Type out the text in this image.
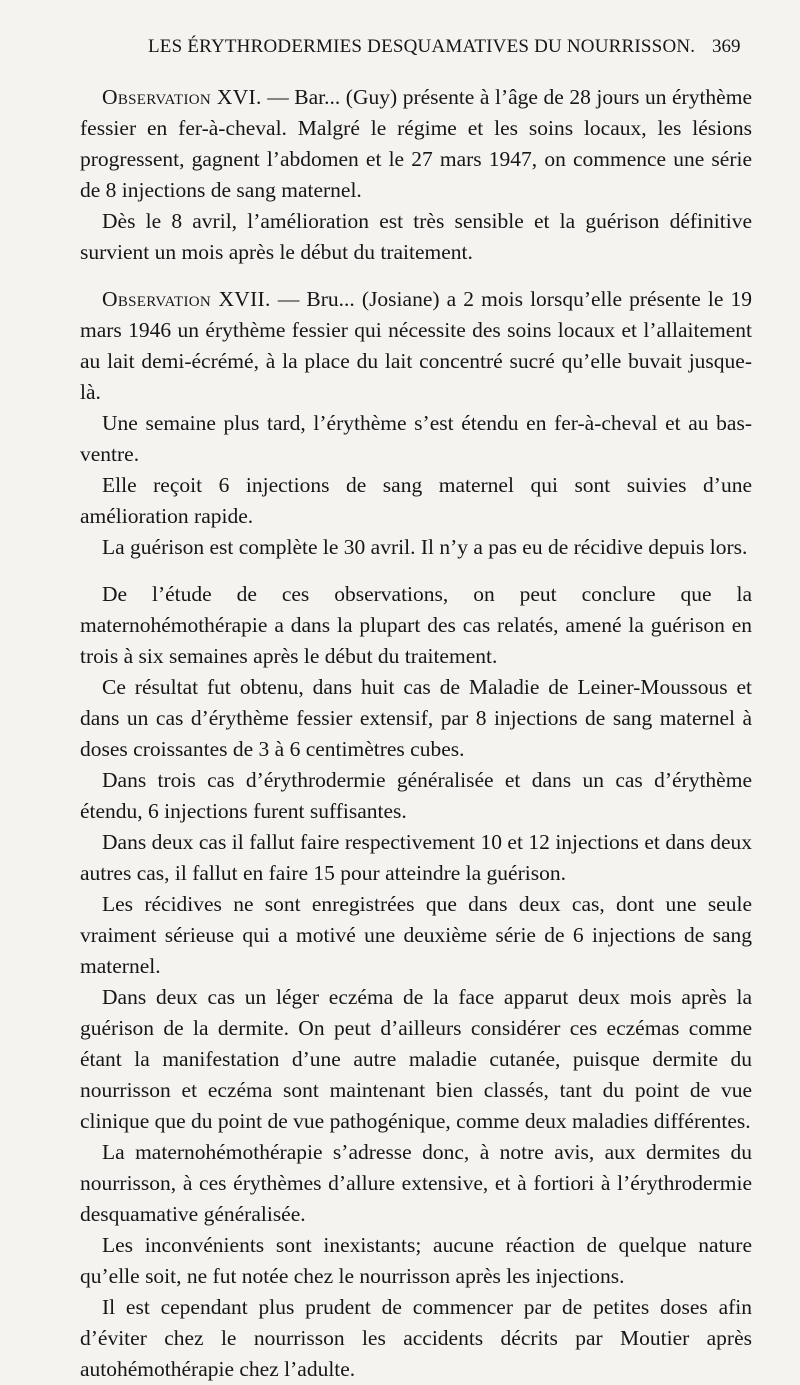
LES ÉRYTHRODERMIES DESQUAMATIVES DU NOURRISSON. 369

Observation XVI. — Bar... (Guy) présente à l’âge de 28 jours un érythème fessier en fer-à-cheval. Malgré le régime et les soins locaux, les lésions progressent, gagnent l’abdomen et le 27 mars 1947, on commence une série de 8 injections de sang maternel.

Dès le 8 avril, l’amélioration est très sensible et la guérison définitive survient un mois après le début du traitement.

Observation XVII. — Bru... (Josiane) a 2 mois lorsqu’elle présente le 19 mars 1946 un érythème fessier qui nécessite des soins locaux et l’allaitement au lait demi-écrémé, à la place du lait concentré sucré qu’elle buvait jusque-là.

Une semaine plus tard, l’érythème s’est étendu en fer-à-cheval et au bas-ventre.

Elle reçoit 6 injections de sang maternel qui sont suivies d’une amélioration rapide.

La guérison est complète le 30 avril. Il n’y a pas eu de récidive depuis lors.

De l’étude de ces observations, on peut conclure que la maternohémothérapie a dans la plupart des cas relatés, amené la guérison en trois à six semaines après le début du traitement.

Ce résultat fut obtenu, dans huit cas de Maladie de Leiner-Moussous et dans un cas d’érythème fessier extensif, par 8 injections de sang maternel à doses croissantes de 3 à 6 centimètres cubes.

Dans trois cas d’érythrodermie généralisée et dans un cas d’érythème étendu, 6 injections furent suffisantes.

Dans deux cas il fallut faire respectivement 10 et 12 injections et dans deux autres cas, il fallut en faire 15 pour atteindre la guérison.

Les récidives ne sont enregistrées que dans deux cas, dont une seule vraiment sérieuse qui a motivé une deuxième série de 6 injections de sang maternel.

Dans deux cas un léger eczéma de la face apparut deux mois après la guérison de la dermite. On peut d’ailleurs considérer ces eczémas comme étant la manifestation d’une autre maladie cutanée, puisque dermite du nourrisson et eczéma sont maintenant bien classés, tant du point de vue clinique que du point de vue pathogénique, comme deux maladies différentes.

La maternohémothérapie s’adresse donc, à notre avis, aux dermites du nourrisson, à ces érythèmes d’allure extensive, et à fortiori à l’érythrodermie desquamative généralisée.

Les inconvénients sont inexistants; aucune réaction de quelque nature qu’elle soit, ne fut notée chez le nourrisson après les injections.

Il est cependant plus prudent de commencer par de petites doses afin d’éviter chez le nourrisson les accidents décrits par Moutier après autohémothérapie chez l’adulte.
